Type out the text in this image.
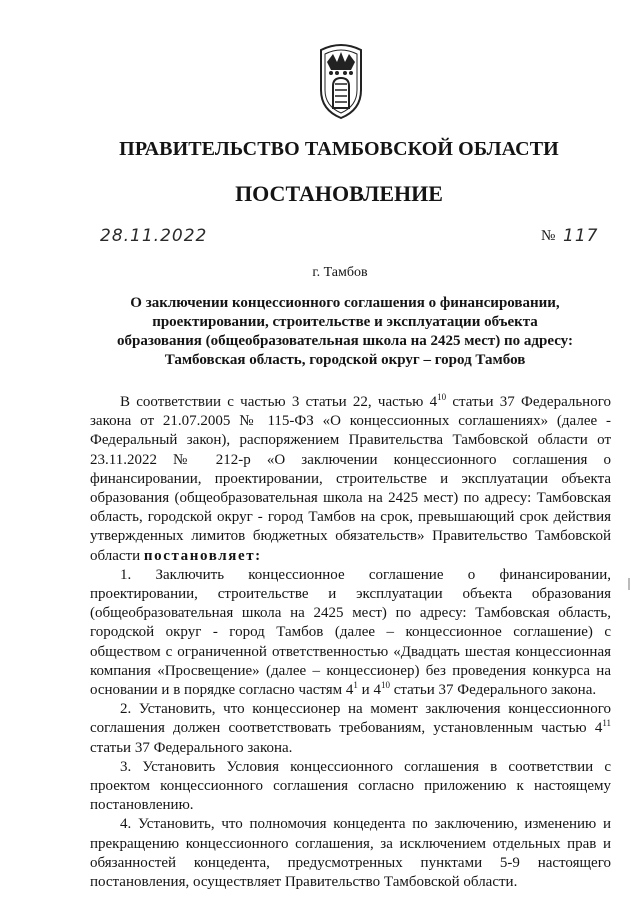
ПРАВИТЕЛЬСТВО ТАМБОВСКОЙ ОБЛАСТИ
ПОСТАНОВЛЕНИЕ
28.11.2022	№ 117
г. Тамбов
О заключении концессионного соглашения о финансировании, проектировании, строительстве и эксплуатации объекта образования (общеобразовательная школа на 2425 мест) по адресу: Тамбовская область, городской округ – город Тамбов

В соответствии с частью 3 статьи 22, частью $4^{10}$ статьи 37 Федерального закона от 21.07.2005 № 115-ФЗ «О концессионных соглашениях» (далее - Федеральный закон), распоряжением Правительства Тамбовской области от 23.11.2022 № 212-р «О заключении концессионного соглашения о финансировании, проектировании, строительстве и эксплуатации объекта образования (общеобразовательная школа на 2425 мест) по адресу: Тамбовская область, городской округ - город Тамбов на срок, превышающий срок действия утвержденных лимитов бюджетных обязательств» Правительство Тамбовской области постановляет:

1. Заключить концессионное соглашение о финансировании, проектировании, строительстве и эксплуатации объекта образования (общеобразовательная школа на 2425 мест) по адресу: Тамбовская область, городской округ - город Тамбов (далее – концессионное соглашение) с обществом с ограниченной ответственностью «Двадцать шестая концессионная компания «Просвещение» (далее – концессионер) без проведения конкурса на основании и в порядке согласно частям $4^1$ и $4^{10}$ статьи 37 Федерального закона.

2. Установить, что концессионер на момент заключения концессионного соглашения должен соответствовать требованиям, установленным частью $4^{11}$ статьи 37 Федерального закона.

3. Установить Условия концессионного соглашения в соответствии с проектом концессионного соглашения согласно приложению к настоящему постановлению.

4. Установить, что полномочия концедента по заключению, изменению и прекращению концессионного соглашения, за исключением отдельных прав и обязанностей концедента, предусмотренных пунктами 5-9 настоящего постановления, осуществляет Правительство Тамбовской области.
